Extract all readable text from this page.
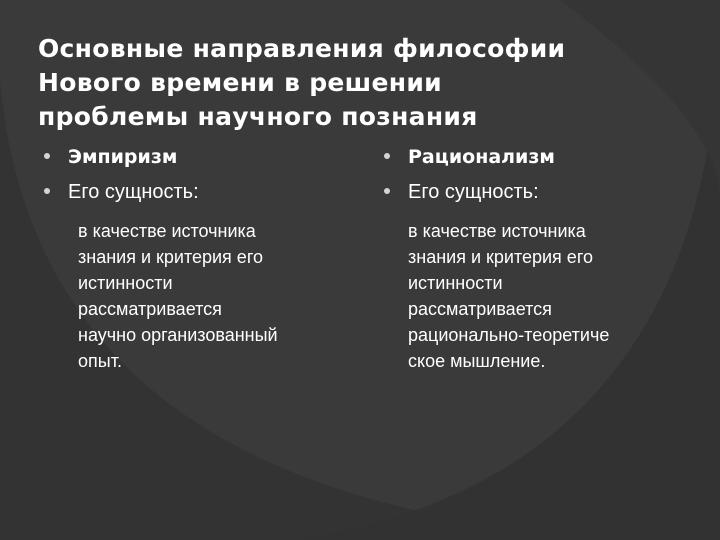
Основные направления философии
Нового времени в решении
проблемы научного познания
Эмпиризм
Его сущность:
в качестве источника
знания и критерия его
истинности
рассматривается
научно организованный
опыт.
Рационализм
Его сущность:
в качестве источника
знания и критерия его
истинности
рассматривается
рационально-теоретиче
ское мышление.
